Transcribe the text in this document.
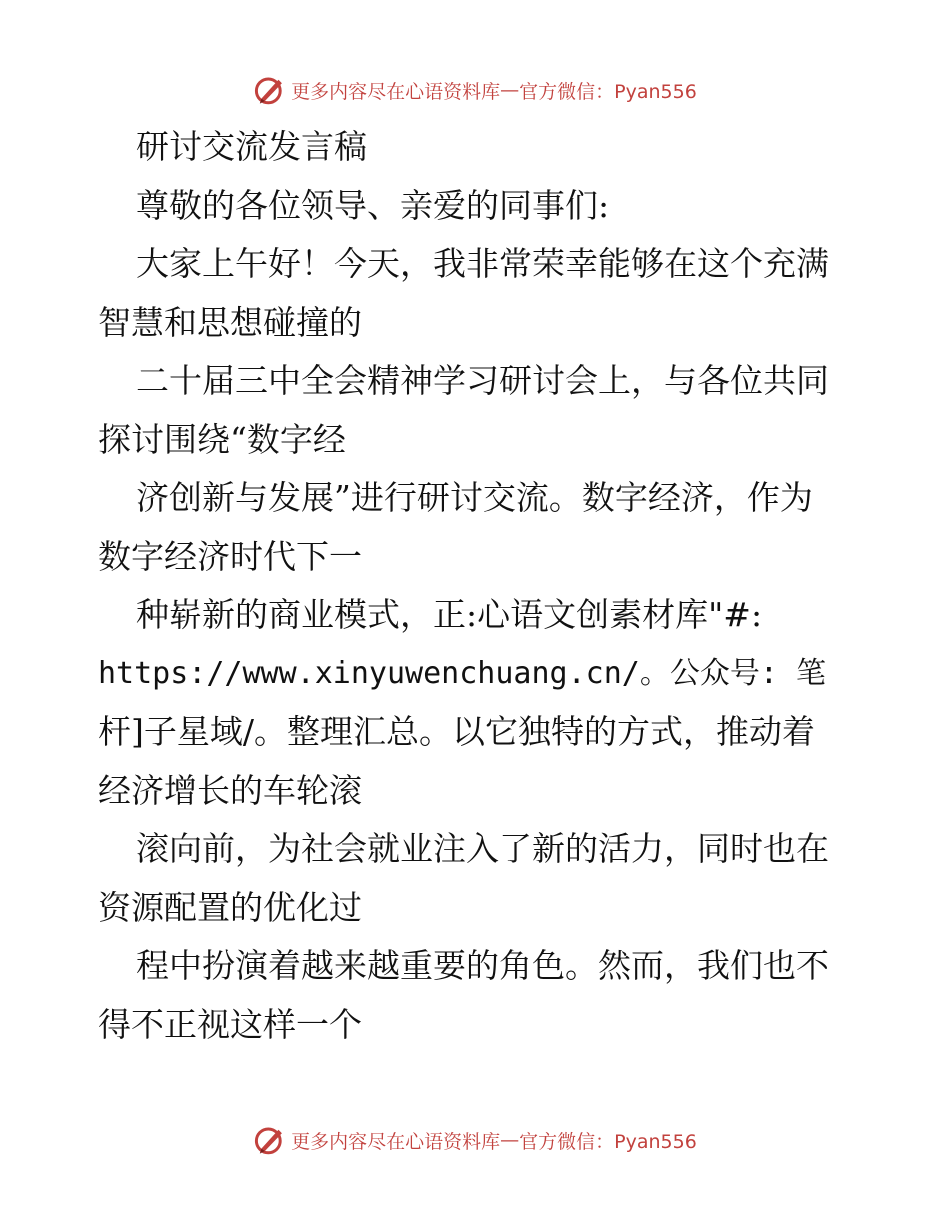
更多内容尽在心语资料库 — 官方微信：Pyan556

研讨交流发言稿

尊敬的各位领导、亲爱的同事们:

大家上午好！今天，我非常荣幸能够在这个充满

智慧和思想碰撞的

二十届三中全会精神学习研讨会上，与各位共同

探讨围绕“数字经

济创新与发展”进行研讨交流。数字经济，作为

数字经济时代下一

种崭新的商业模式，正:心语文创素材库"#:

https://www.xinyuwenchuang.cn/。公众号: 笔

杆]子星域/。整理汇总。以它独特的方式，推动着

经济增长的车轮滚

滚向前，为社会就业注入了新的活力，同时也在

资源配置的优化过

程中扮演着越来越重要的角色。然而，我们也不

得不正视这样一个

更多内容尽在心语资料库 — 官方微信：Pyan556
